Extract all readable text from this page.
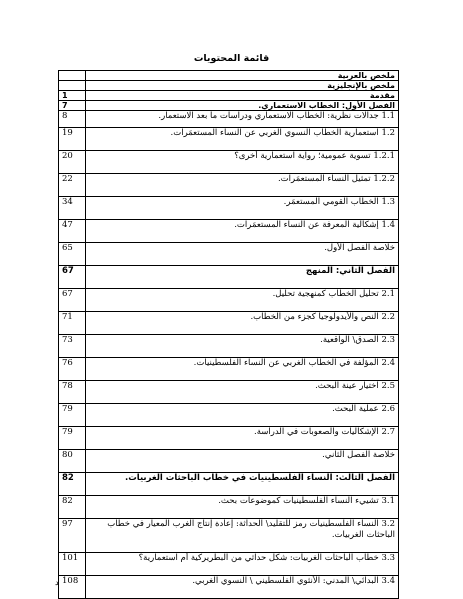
قائمة المحتويات
	ملخص بالعربية
	ملخص بالإنجليزية
1	مقدمة
7	الفصل الأول: الخطاب الاستعماري.
8	1.1 جدالات نظرية: الخطاب الاستعماري ودراسات ما بعد الاستعمار.
19	1.2 استعمارية الخطاب النسوي الغربي عن النساء المستعمَرات.
20	1.2.1 تسوية عمومية؛ رواية استعمارية أخرى؟
22	1.2.2 تمثيل النساء المستعمَرات.
34	1.3 الخطاب القومي المستعمَر.
47	1.4 إشكالية المعرفة عن النساء المستعمَرات.
65	خلاصة الفصل الأول.
67	الفصل الثاني: المنهج
67	2.1 تحليل الخطاب كمنهجية تحليل.
71	2.2 النص والأيدولوجيا كجزء من الخطاب.
73	2.3 الصدق\ الواقعية.
76	2.4 المؤلفة في الخطاب الغربي عن النساء الفلسطينيات.
78	2.5 اختيار عينة البحث.
79	2.6 عملية البحث.
79	2.7 الإشكاليات والصعوبات في الدراسة.
80	خلاصة الفصل الثاني.
82	الفصل الثالث: النساء الفلسطينيات في خطاب الباحثات الغربيات.
82	3.1 تشييء النساء الفلسطينيات كموضوعات بحث.
97	3.2 النساء الفلسطينيات رمز للتقليد\ الحداثة: إعادة إنتاج الغرب المعيار في خطاب الباحثات الغربيات.
101	3.3 خطاب الباحثات الغربيات: شكل حداثي من البطريركية أم استعمارية؟
108	3.4 البدائي\ المدني: الأنثوي الفلسطيني \ النسوي الغربي.
د
